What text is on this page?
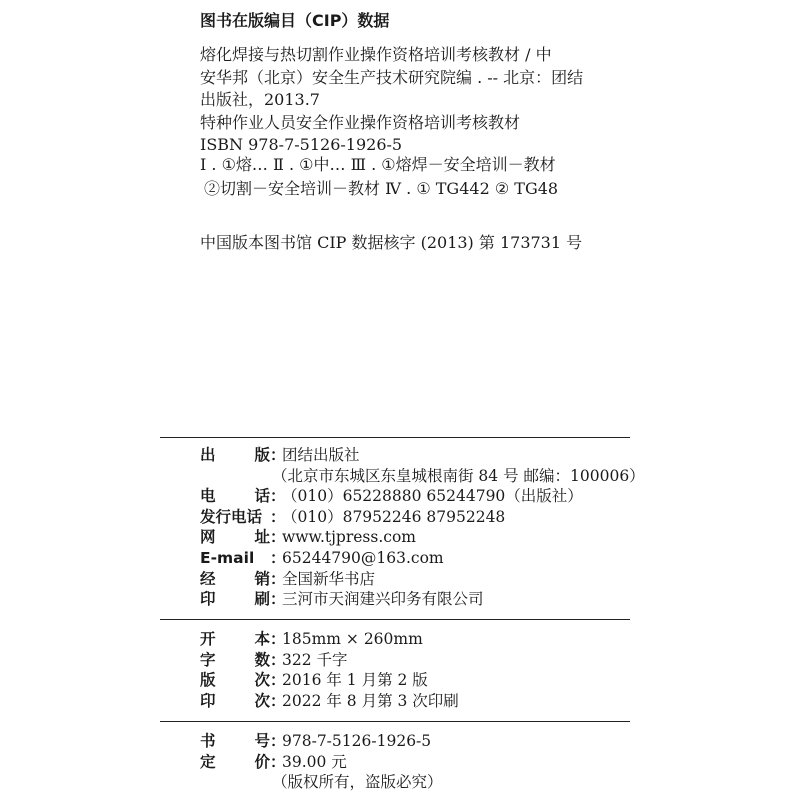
图书在版编目（CIP）数据
熔化焊接与热切割作业操作资格培训考核教材 / 中
安华邦（北京）安全生产技术研究院编 . -- 北京：团结
出版社，2013.7
特种作业人员安全作业操作资格培训考核教材
ISBN 978-7-5126-1926-5
Ⅰ . ①熔… Ⅱ . ①中… Ⅲ . ①熔焊－安全培训－教材
②切割－安全培训－教材 Ⅳ . ① TG442 ② TG48
中国版本图书馆 CIP 数据核字 (2013) 第 173731 号
出	版 ：
团结出版社
（北京市东城区东皇城根南街 84 号 邮编：100006）
电	话 ：
（010）65228880 65244790（出版社）
发行电话 ：
（010）87952246 87952248
网	址 ：
www.tjpress.com
E-mail ：
65244790@163.com
经	销 ：
全国新华书店
印	刷 ：
三河市天润建兴印务有限公司
开	本 ：
185mm × 260mm
字	数 ：
322 千字
版	次 ：
2016 年 1 月第 2 版
印	次 ：
2022 年 8 月第 3 次印刷
书	号 ：
978-7-5126-1926-5
定	价 ：
39.00 元
（版权所有，盗版必究）
